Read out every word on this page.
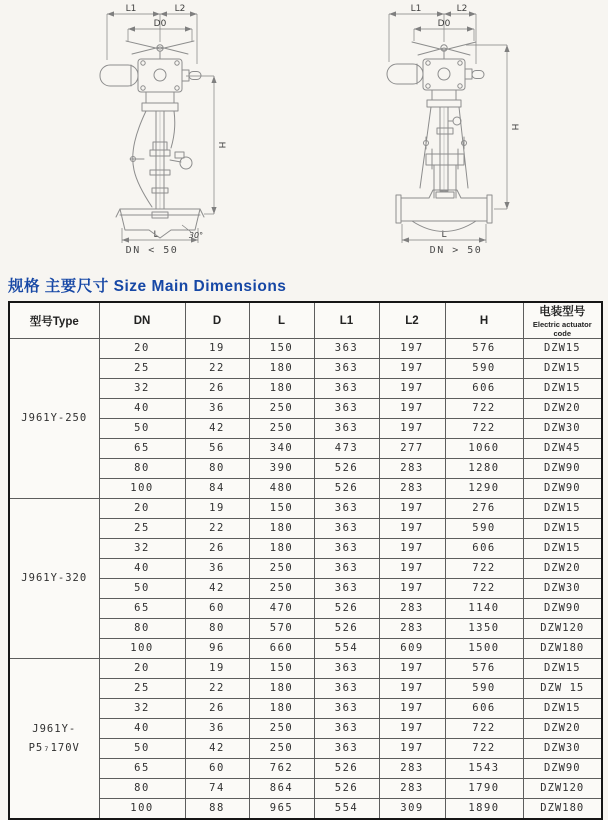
L1	L2
D0
H
L	30°
DN < 50
L1	L2
D0
H
L
DN > 50
规格 主要尺寸 Size Main Dimensions
型号Type	DN	D	L	L1	L2	H	电装型号
Electric actuator code

J961Y-250	20	19	150	363	197	576	DZW15
	25	22	180	363	197	590	DZW15
	32	26	180	363	197	606	DZW15
	40	36	250	363	197	722	DZW20
	50	42	250	363	197	722	DZW30
	65	56	340	473	277	1060	DZW45
	80	80	390	526	283	1280	DZW90
	100	84	480	526	283	1290	DZW90
J961Y-320	20	19	150	363	197	276	DZW15
	25	22	180	363	197	590	DZW15
	32	26	180	363	197	606	DZW15
	40	36	250	363	197	722	DZW20
	50	42	250	363	197	722	DZW30
	65	60	470	526	283	1140	DZW90
	80	80	570	526	283	1350	DZW120
	100	96	660	554	609	1500	DZW180
J961Y-P5₇170V	20	19	150	363	197	576	DZW15
	25	22	180	363	197	590	DZW 15
	32	26	180	363	197	606	DZW15
	40	36	250	363	197	722	DZW20
	50	42	250	363	197	722	DZW30
	65	60	762	526	283	1543	DZW90
	80	74	864	526	283	1790	DZW120
	100	88	965	554	309	1890	DZW180
